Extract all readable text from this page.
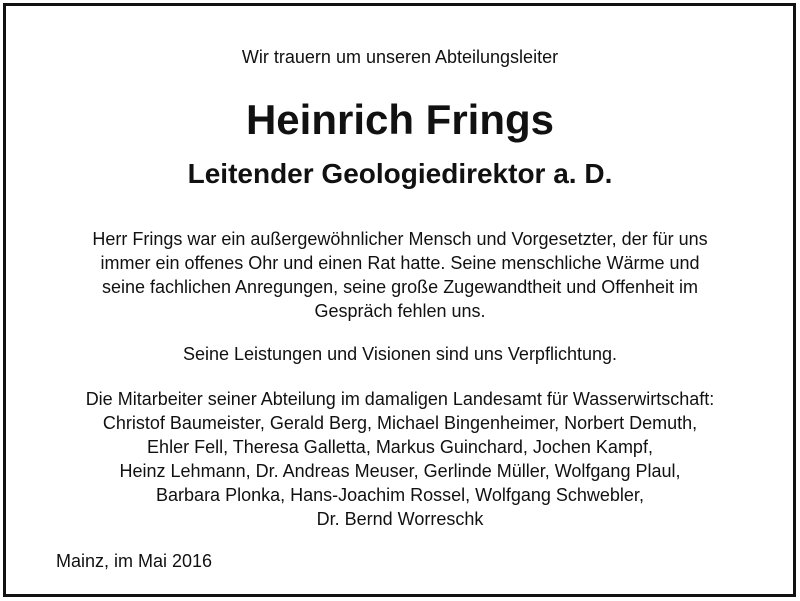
Wir trauern um unseren Abteilungsleiter
Heinrich Frings
Leitender Geologiedirektor a. D.
Herr Frings war ein außergewöhnlicher Mensch und Vorgesetzter, der für uns
immer ein offenes Ohr und einen Rat hatte. Seine menschliche Wärme und
seine fachlichen Anregungen, seine große Zugewandtheit und Offenheit im
Gespräch fehlen uns.
Seine Leistungen und Visionen sind uns Verpflichtung.
Die Mitarbeiter seiner Abteilung im damaligen Landesamt für Wasserwirtschaft:
Christof Baumeister, Gerald Berg, Michael Bingenheimer, Norbert Demuth,
Ehler Fell, Theresa Galletta, Markus Guinchard, Jochen Kampf,
Heinz Lehmann, Dr. Andreas Meuser, Gerlinde Müller, Wolfgang Plaul,
Barbara Plonka, Hans-Joachim Rossel, Wolfgang Schwebler,
Dr. Bernd Worreschk
Mainz, im Mai 2016
